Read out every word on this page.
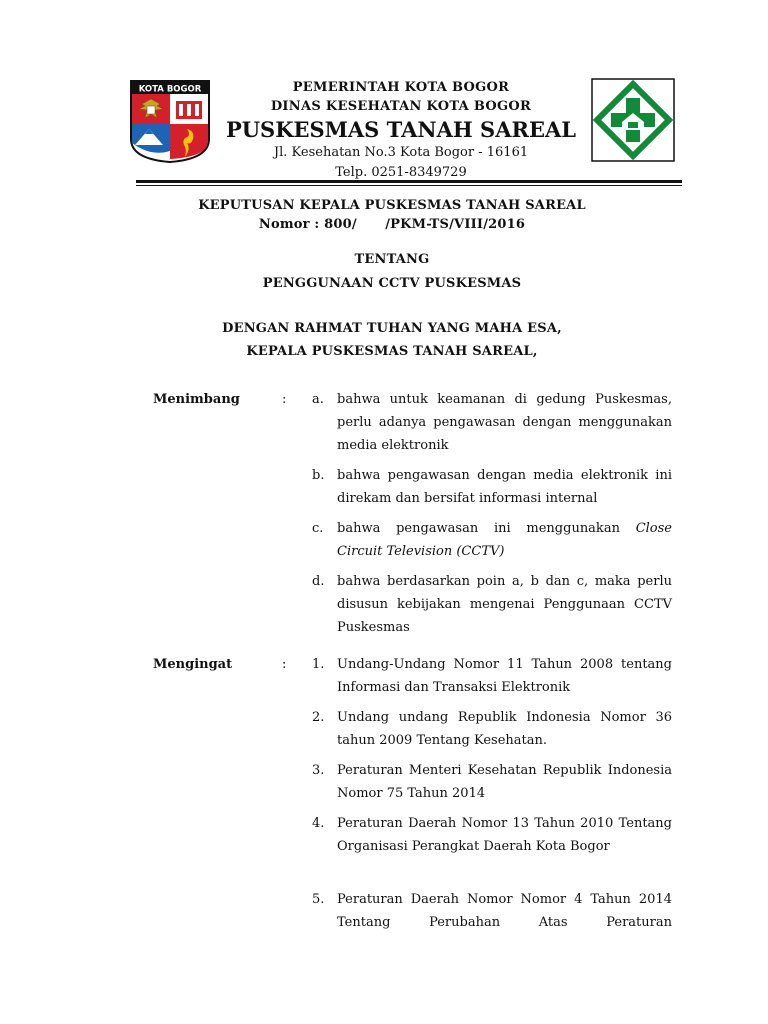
KOTA BOGOR	PEMERINTAH KOTA BOGOR
DINAS KESEHATAN KOTA BOGOR
PUSKESMAS TANAH SAREAL
Jl. Kesehatan No.3 Kota Bogor - 16161
Telp. 0251-8349729
KEPUTUSAN KEPALA PUSKESMAS TANAH SAREAL
Nomor : 800/      /PKM-TS/VIII/2016
TENTANG
PENGGUNAAN CCTV PUSKESMAS
DENGAN RAHMAT TUHAN YANG MAHA ESA,
KEPALA PUSKESMAS TANAH SAREAL,
Menimbang	: a.	bahwa untuk keamanan di gedung Puskesmas, perlu adanya pengawasan dengan menggunakan media elektronik
b. bahwa pengawasan dengan media elektronik ini direkam dan bersifat informasi internal
c.	bahwa pengawasan ini menggunakan Close Circuit Television (CCTV)
d. bahwa berdasarkan poin a, b dan c, maka perlu disusun kebijakan mengenai Penggunaan CCTV Puskesmas
Mengingat	: 1. Undang-Undang Nomor 11 Tahun 2008 tentang Informasi dan Transaksi Elektronik
2. Undang undang Republik Indonesia Nomor 36 tahun 2009 Tentang Kesehatan.
3. Peraturan Menteri Kesehatan Republik Indonesia Nomor 75 Tahun 2014
4. Peraturan Daerah Nomor 13 Tahun 2010 Tentang Organisasi Perangkat Daerah Kota Bogor
5. Peraturan Daerah Nomor Nomor 4 Tahun 2014 Tentang Perubahan Atas Peraturan
